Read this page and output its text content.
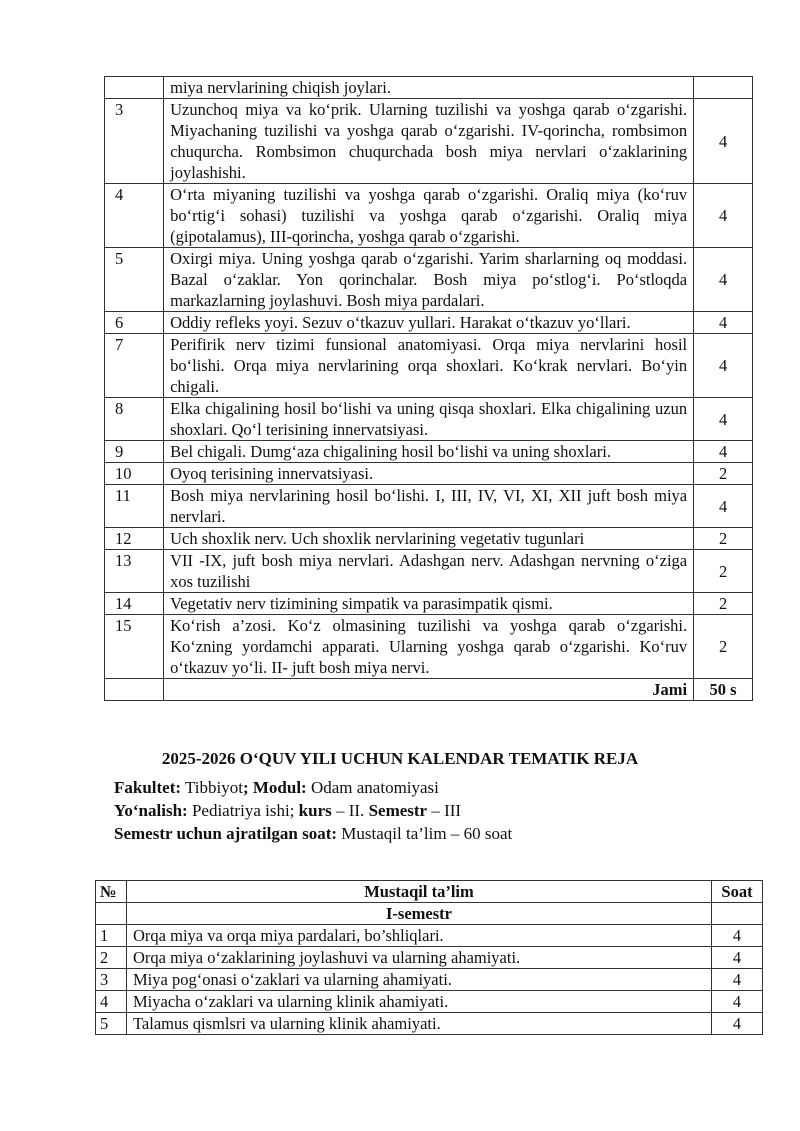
	miya nervlarining chiqish joylari.	
3	Uzunchoq miya va ko‘prik. Ularning tuzilishi va yoshga qarab o‘zgarishi. Miyachaning tuzilishi va yoshga qarab o‘zgarishi. IV-qorincha, rombsimon chuqurcha. Rombsimon chuqurchada bosh miya nervlari o‘zaklarining joylashishi.	4
4	O‘rta miyaning tuzilishi va yoshga qarab o‘zgarishi. Oraliq miya (ko‘ruv bo‘rtig‘i sohasi) tuzilishi va yoshga qarab o‘zgarishi. Oraliq miya (gipotalamus), III-qorincha, yoshga qarab o‘zgarishi.	4
5	Oxirgi miya. Uning yoshga qarab o‘zgarishi. Yarim sharlarning oq moddasi. Bazal o‘zaklar. Yon qorinchalar. Bosh miya po‘stlog‘i. Po‘stloqda markazlarning joylashuvi. Bosh miya pardalari.	4
6	Oddiy refleks yoyi. Sezuv o‘tkazuv yullari. Harakat o‘tkazuv yo‘llari.	4
7	Perifirik nerv tizimi funsional anatomiyasi. Orqa miya nervlarini hosil bo‘lishi. Orqa miya nervlarining orqa shoxlari. Ko‘krak nervlari. Bo‘yin chigali.	4
8	Elka chigalining hosil bo‘lishi va uning qisqa shoxlari. Elka chigalining uzun shoxlari. Qo‘l terisining innervatsiyasi.	4
9	Bel chigali. Dumg‘aza chigalining hosil bo‘lishi va uning shoxlari.	4
10	Oyoq terisining innervatsiyasi.	2
11	Bosh miya nervlarining hosil bo‘lishi. I, III, IV, VI, XI, XII juft bosh miya nervlari.	4
12	Uch shoxlik nerv. Uch shoxlik nervlarining vegetativ tugunlari	2
13	VII -IX, juft bosh miya nervlari. Adashgan nerv. Adashgan nervning o‘ziga xos tuzilishi	2
14	Vegetativ nerv tizimining simpatik va parasimpatik qismi.	2
15	Ko‘rish a’zosi. Ko‘z olmasining tuzilishi va yoshga qarab o‘zgarishi. Ko‘zning yordamchi apparati. Ularning yoshga qarab o‘zgarishi. Ko‘ruv o‘tkazuv yo‘li. II- juft bosh miya nervi.	2
	Jami	50 s
2025-2026 O‘QUV YILI UCHUN KALENDAR TEMATIK REJA
Fakultet: Tibbiyot; Modul: Odam anatomiyasi
Yo‘nalish: Pediatriya ishi; kurs – II. Semestr – III
Semestr uchun ajratilgan soat: Mustaqil ta’lim – 60 soat
№	Mustaqil ta’lim	Soat
	I-semestr	
1	Orqa miya va orqa miya pardalari, bo’shliqlari.	4
2	Orqa miya o‘zaklarining joylashuvi va ularning ahamiyati.	4
3	Miya pog‘onasi o‘zaklari va ularning ahamiyati.	4
4	Miyacha o‘zaklari va ularning klinik ahamiyati.	4
5	Talamus qismlsri va ularning klinik ahamiyati.	4
